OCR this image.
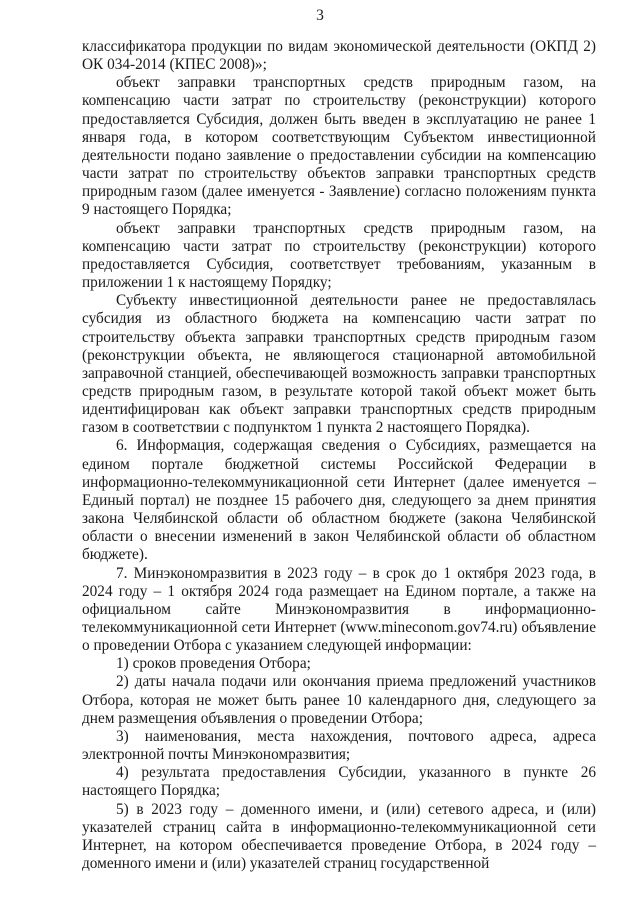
3

классификатора продукции по видам экономической деятельности (ОКПД 2) ОК 034-2014 (КПЕС 2008)»;

объект заправки транспортных средств природным газом, на компенсацию части затрат по строительству (реконструкции) которого предоставляется Субсидия, должен быть введен в эксплуатацию не ранее 1 января года, в котором соответствующим Субъектом инвестиционной деятельности подано заявление о предоставлении субсидии на компенсацию части затрат по строительству объектов заправки транспортных средств природным газом (далее именуется - Заявление) согласно положениям пункта 9 настоящего Порядка;

объект заправки транспортных средств природным газом, на компенсацию части затрат по строительству (реконструкции) которого предоставляется Субсидия, соответствует требованиям, указанным в приложении 1 к настоящему Порядку;

Субъекту инвестиционной деятельности ранее не предоставлялась субсидия из областного бюджета на компенсацию части затрат по строительству объекта заправки транспортных средств природным газом (реконструкции объекта, не являющегося стационарной автомобильной заправочной станцией, обеспечивающей возможность заправки транспортных средств природным газом, в результате которой такой объект может быть идентифицирован как объект заправки транспортных средств природным газом в соответствии с подпунктом 1 пункта 2 настоящего Порядка).

6. Информация, содержащая сведения о Субсидиях, размещается на едином портале бюджетной системы Российской Федерации в информационно-телекоммуникационной сети Интернет (далее именуется – Единый портал) не позднее 15 рабочего дня, следующего за днем принятия закона Челябинской области об областном бюджете (закона Челябинской области о внесении изменений в закон Челябинской области об областном бюджете).

7. Минэкономразвития в 2023 году – в срок до 1 октября 2023 года, в 2024 году – 1 октября 2024 года размещает на Едином портале, а также на официальном сайте Минэкономразвития в информационно-телекоммуникационной сети Интернет (www.mineconom.gov74.ru) объявление о проведении Отбора с указанием следующей информации:

1) сроков проведения Отбора;

2) даты начала подачи или окончания приема предложений участников Отбора, которая не может быть ранее 10 календарного дня, следующего за днем размещения объявления о проведении Отбора;

3) наименования, места нахождения, почтового адреса, адреса электронной почты Минэкономразвития;

4) результата предоставления Субсидии, указанного в пункте 26 настоящего Порядка;

5) в 2023 году – доменного имени, и (или) сетевого адреса, и (или) указателей страниц сайта в информационно-телекоммуникационной сети Интернет, на котором обеспечивается проведение Отбора, в 2024 году – доменного имени и (или) указателей страниц государственной
